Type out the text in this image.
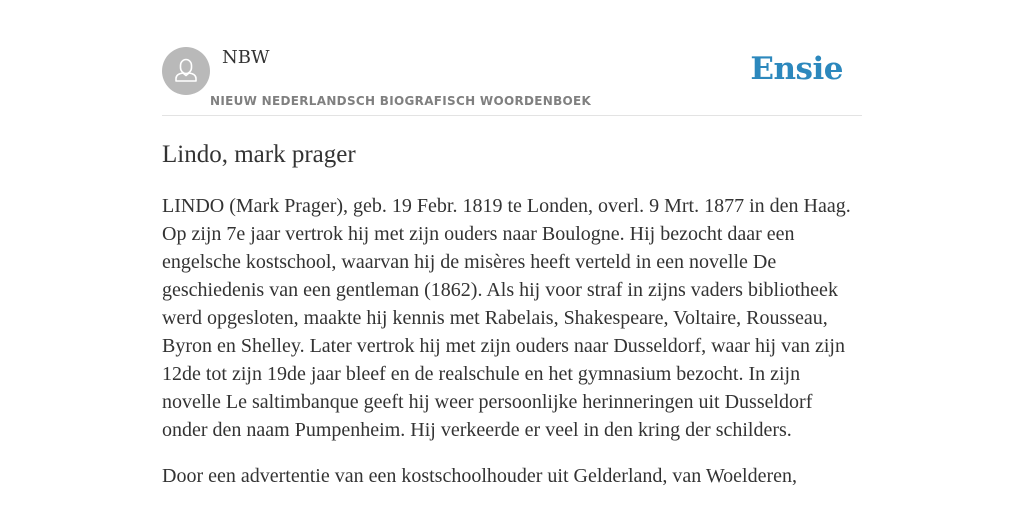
NBW
NIEUW NEDERLANDSCH BIOGRAFISCH WOORDENBOEK
Ensie
Lindo, mark prager

LINDO (Mark Prager), geb. 19 Febr. 1819 te Londen, overl. 9 Mrt. 1877 in den Haag. Op zijn 7e jaar vertrok hij met zijn ouders naar Boulogne. Hij bezocht daar een engelsche kostschool, waarvan hij de misères heeft verteld in een novelle De geschiedenis van een gentleman (1862). Als hij voor straf in zijns vaders bibliotheek werd opgesloten, maakte hij kennis met Rabelais, Shakespeare, Voltaire, Rousseau, Byron en Shelley. Later vertrok hij met zijn ouders naar Dusseldorf, waar hij van zijn 12de tot zijn 19de jaar bleef en de realschule en het gymnasium bezocht. In zijn novelle Le saltimbanque geeft hij weer persoonlijke herinneringen uit Dusseldorf onder den naam Pumpenheim. Hij verkeerde er veel in den kring der schilders.

Door een advertentie van een kostschoolhouder uit Gelderland, van Woelderen,
